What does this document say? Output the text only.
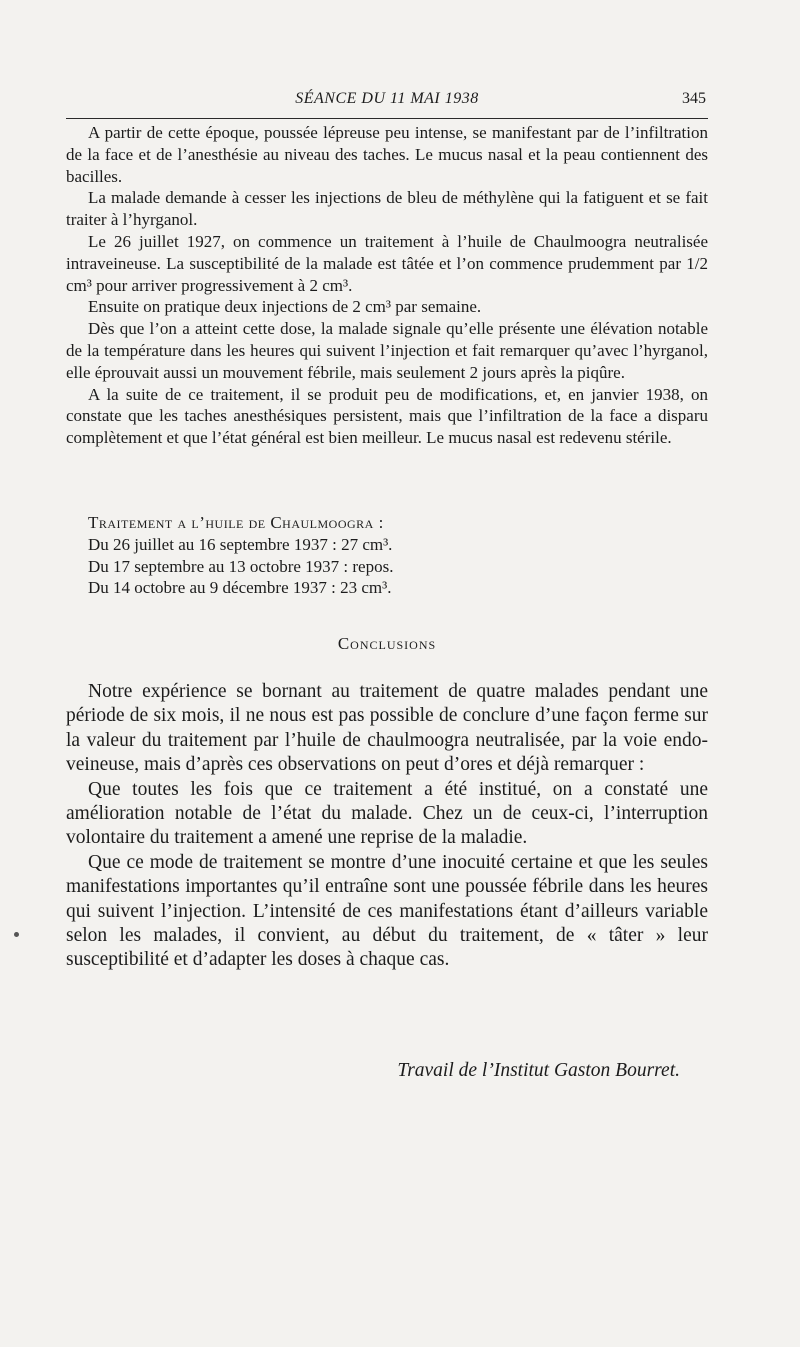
SÉANCE DU 11 MAI 1938	345

A partir de cette époque, poussée lépreuse peu intense, se manifestant par de l’infiltration de la face et de l’anesthésie au niveau des taches. Le mucus nasal et la peau contiennent des bacilles.

La malade demande à cesser les injections de bleu de méthylène qui la fatiguent et se fait traiter à l’hyrganol.

Le 26 juillet 1927, on commence un traitement à l’huile de Chaulmoogra neutralisée intraveineuse. La susceptibilité de la malade est tâtée et l’on commence prudemment par 1/2 cm³ pour arriver progressivement à 2 cm³.

Ensuite on pratique deux injections de 2 cm³ par semaine.

Dès que l’on a atteint cette dose, la malade signale qu’elle présente une élévation notable de la température dans les heures qui suivent l’injection et fait remarquer qu’avec l’hyrganol, elle éprouvait aussi un mouvement fébrile, mais seulement 2 jours après la piqûre.

A la suite de ce traitement, il se produit peu de modifications, et, en janvier 1938, on constate que les taches anesthésiques persistent, mais que l’infiltration de la face a disparu complètement et que l’état général est bien meilleur. Le mucus nasal est redevenu stérile.

Traitement a l’huile de Chaulmoogra :
Du 26 juillet au 16 septembre 1937 : 27 cm³.
Du 17 septembre au 13 octobre 1937 : repos.
Du 14 octobre au 9 décembre 1937 : 23 cm³.
Conclusions

Notre expérience se bornant au traitement de quatre malades pendant une période de six mois, il ne nous est pas possible de conclure d’une façon ferme sur la valeur du traitement par l’huile de chaulmoogra neutralisée, par la voie endo-veineuse, mais d’après ces observations on peut d’ores et déjà remarquer :

Que toutes les fois que ce traitement a été institué, on a constaté une amélioration notable de l’état du malade. Chez un de ceux-ci, l’interruption volontaire du traitement a amené une reprise de la maladie.

Que ce mode de traitement se montre d’une inocuité certaine et que les seules manifestations importantes qu’il entraîne sont une poussée fébrile dans les heures qui suivent l’injection. L’intensité de ces manifestations étant d’ailleurs variable selon les malades, il convient, au début du traitement, de « tâter » leur susceptibilité et d’adapter les doses à chaque cas.

Travail de l’Institut Gaston Bourret.
